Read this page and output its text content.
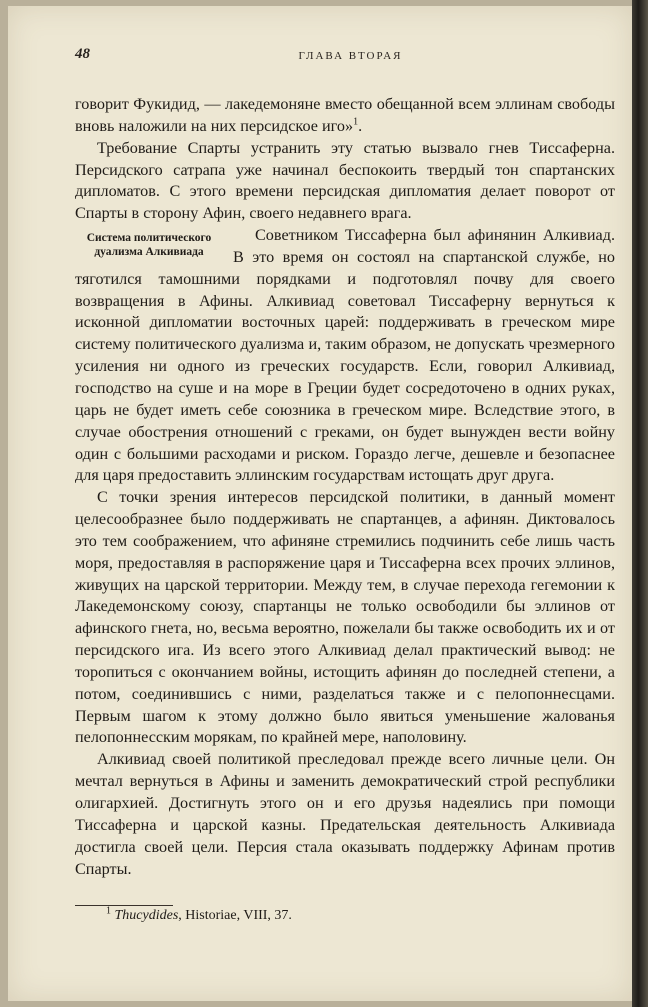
48	ГЛАВА ВТОРАЯ

говорит Фукидид, — лакедемоняне вместо обещанной всем эллинам свободы вновь наложили на них персидское иго»$^1$.

Требование Спарты устранить эту статью вызвало гнев Тиссаферна. Персидского сатрапа уже начинал беспокоить твердый тон спартанских дипломатов. С этого времени персидская дипломатия делает поворот от Спарты в сторону Афин, своего недавнего врага.

Система политического дуализма Алкивиада

Советником Тиссаферна был афинянин Алкивиад. В это время он состоял на спартанской службе, но тяготился тамошними порядками и подготовлял почву для своего возвращения в Афины. Алкивиад советовал Тиссаферну вернуться к исконной дипломатии восточных царей: поддерживать в греческом мире систему политического дуализма и, таким образом, не допускать чрезмерного усиления ни одного из греческих государств. Если, говорил Алкивиад, господство на суше и на море в Греции будет сосредоточено в одних руках, царь не будет иметь себе союзника в греческом мире. Вследствие этого, в случае обострения отношений с греками, он будет вынужден вести войну один с большими расходами и риском. Гораздо легче, дешевле и безопаснее для царя предоставить эллинским государствам истощать друг друга.

С точки зрения интересов персидской политики, в данный момент целесообразнее было поддерживать не спартанцев, а афинян. Диктовалось это тем соображением, что афиняне стремились подчинить себе лишь часть моря, предоставляя в распоряжение царя и Тиссаферна всех прочих эллинов, живущих на царской территории. Между тем, в случае перехода гегемонии к Лакедемонскому союзу, спартанцы не только освободили бы эллинов от афинского гнета, но, весьма вероятно, пожелали бы также освободить их и от персидского ига. Из всего этого Алкивиад делал практический вывод: не торопиться с окончанием войны, истощить афинян до последней степени, а потом, соединившись с ними, разделаться также и с пелопоннесцами. Первым шагом к этому должно было явиться уменьшение жалованья пелопоннесским морякам, по крайней мере, наполовину.

Алкивиад своей политикой преследовал прежде всего личные цели. Он мечтал вернуться в Афины и заменить демократический строй республики олигархией. Достигнуть этого он и его друзья надеялись при помощи Тиссаферна и царской казны. Предательская деятельность Алкивиада достигла своей цели. Персия стала оказывать поддержку Афинам против Спарты.

$^1$ Thucydides, Historiae, VIII, 37.
